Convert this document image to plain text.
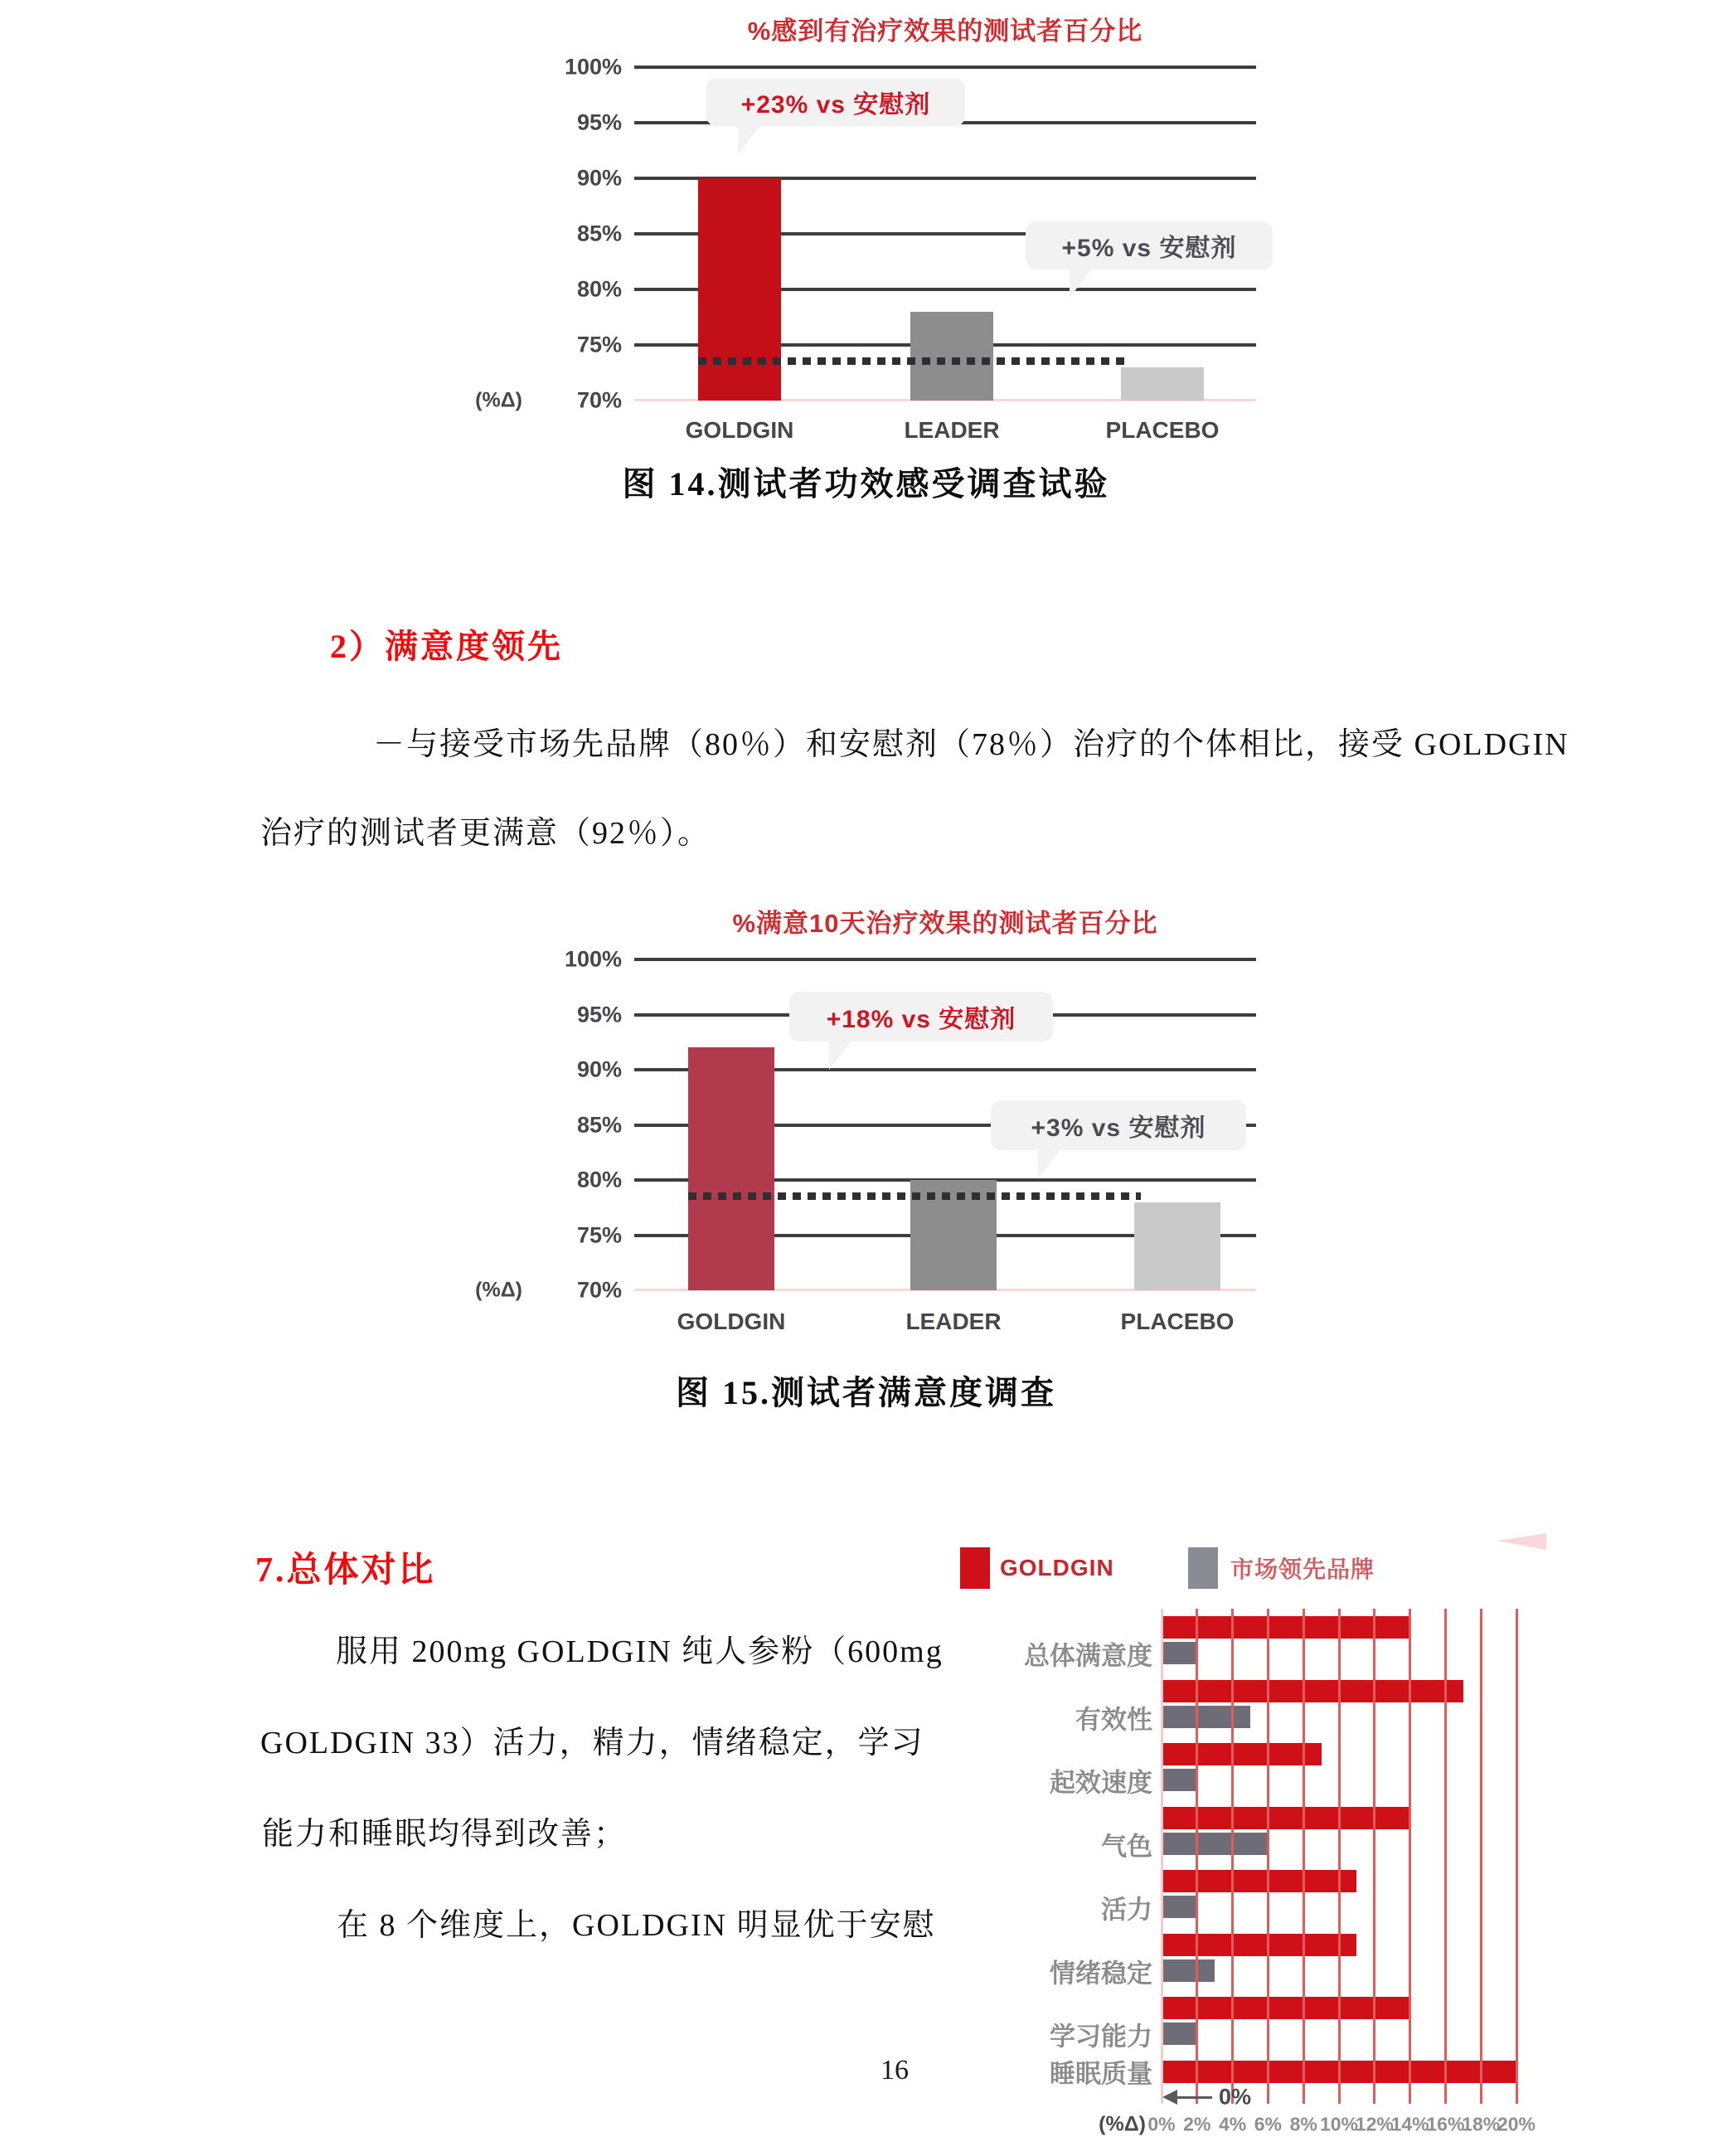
%感到有治疗效果的测试者百分比
100%
95%
90%
85%
80%
75%
70%
(%Δ)
GOLDGIN	LEADER	PLACEBO
+23% vs 安慰剂
+5% vs 安慰剂
图 14.测试者功效感受调查试验
2）满意度领先
－与接受市场先品牌（80％）和安慰剂（78％）治疗的个体相比，接受 GOLDGIN
治疗的测试者更满意（92％）。
%满意10天治疗效果的测试者百分比
100%
95%
90%
85%
80%
75%
70%
(%Δ)
GOLDGIN	LEADER	PLACEBO
+18% vs 安慰剂
+3% vs 安慰剂
图 15.测试者满意度调查
7.总体对比
服用 200mg GOLDGIN 纯人参粉（600mg
GOLDGIN 33）活力，精力，情绪稳定，学习
能力和睡眠均得到改善；
在 8 个维度上，GOLDGIN 明显优于安慰
GOLDGIN	市场领先品牌
0% 2% 4% 6% 8% 10%
12%
14%
16%
18%
20%
(%Δ)
总体满意度
有效性
起效速度
气色
活力
情绪稳定
学习能力
睡眠质量
0%
16
